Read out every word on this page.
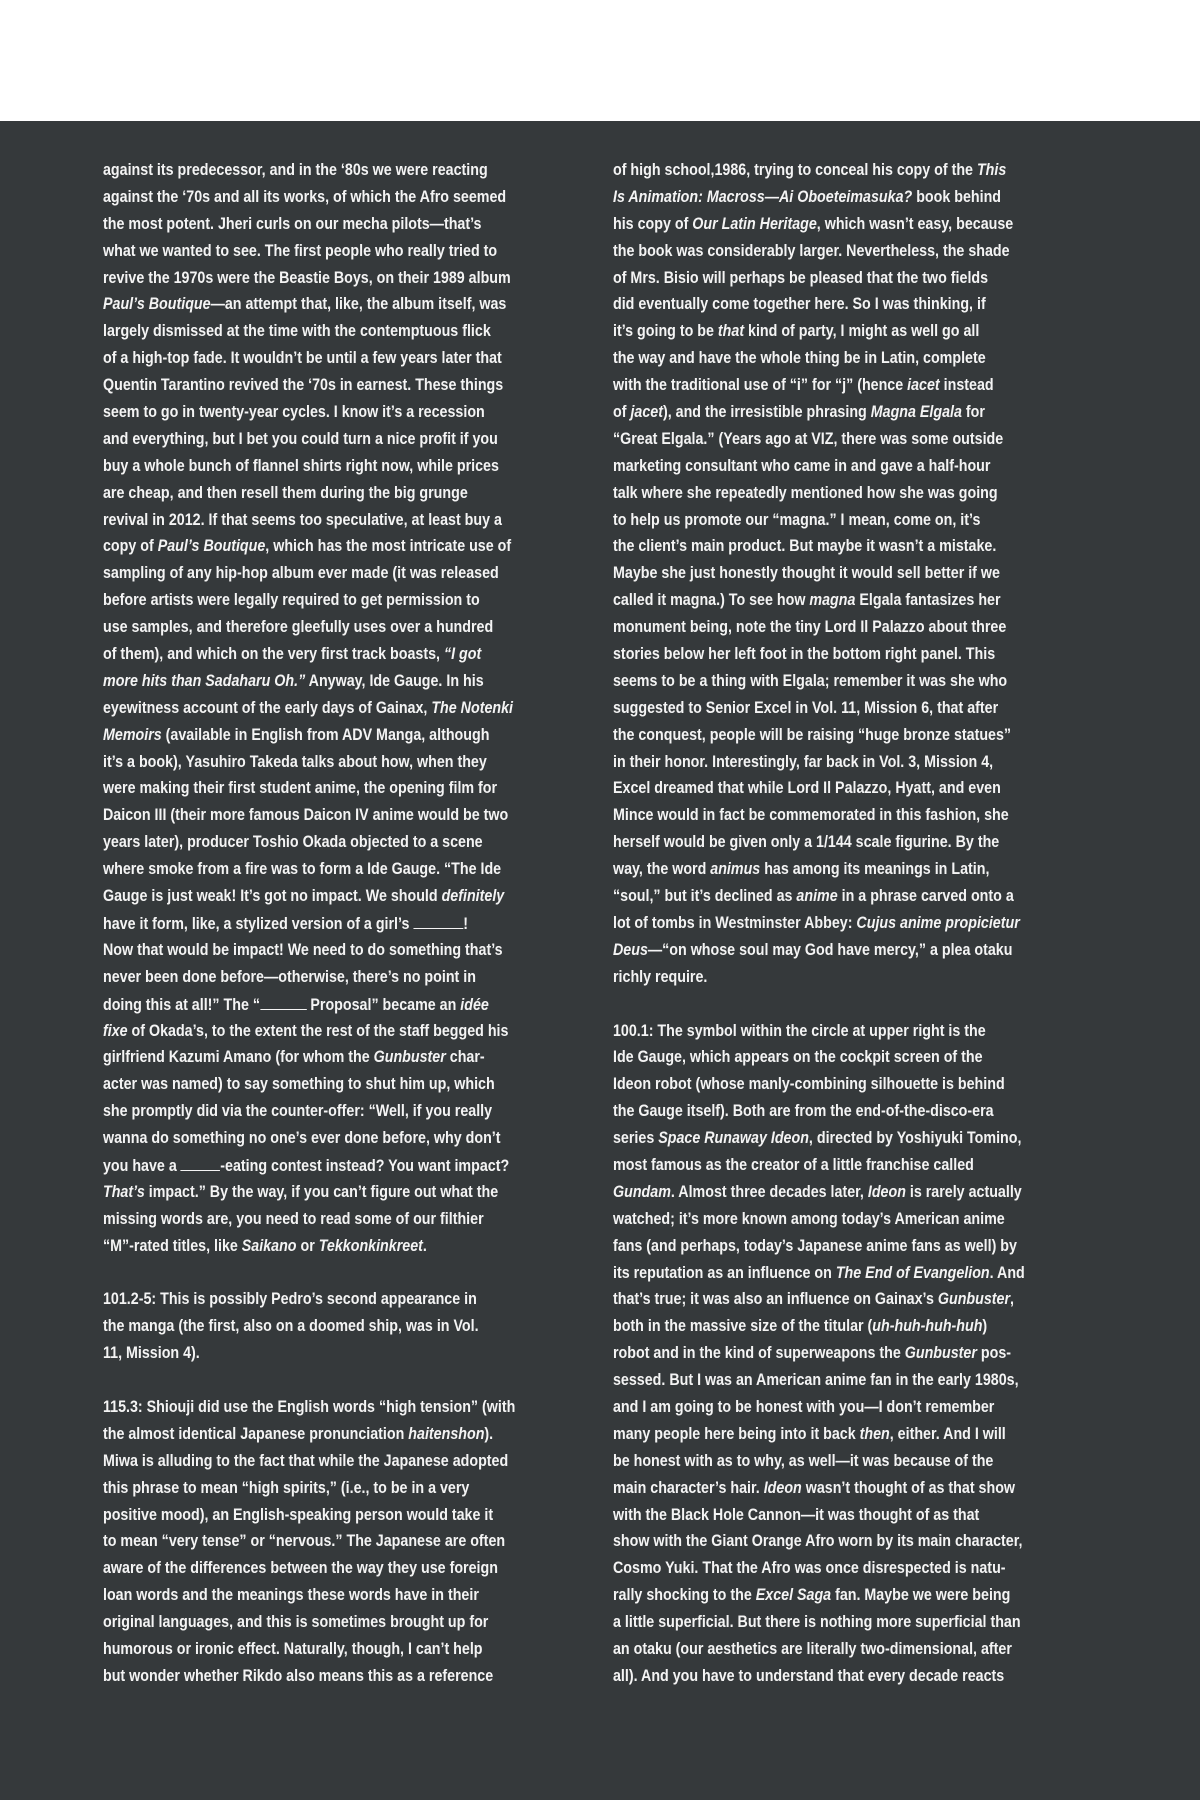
against its predecessor, and in the ‘80s we were reacting
against the ‘70s and all its works, of which the Afro seemed
the most potent. Jheri curls on our mecha pilots—that’s
what we wanted to see. The first people who really tried to
revive the 1970s were the Beastie Boys, on their 1989 album
Paul’s Boutique—an attempt that, like, the album itself, was
largely dismissed at the time with the contemptuous flick
of a high-top fade. It wouldn’t be until a few years later that
Quentin Tarantino revived the ‘70s in earnest. These things
seem to go in twenty-year cycles. I know it’s a recession
and everything, but I bet you could turn a nice profit if you
buy a whole bunch of flannel shirts right now, while prices
are cheap, and then resell them during the big grunge
revival in 2012. If that seems too speculative, at least buy a
copy of Paul’s Boutique, which has the most intricate use of
sampling of any hip-hop album ever made (it was released
before artists were legally required to get permission to
use samples, and therefore gleefully uses over a hundred
of them), and which on the very first track boasts, “I got
more hits than Sadaharu Oh.” Anyway, Ide Gauge. In his
eyewitness account of the early days of Gainax, The Notenki
Memoirs (available in English from ADV Manga, although
it’s a book), Yasuhiro Takeda talks about how, when they
were making their first student anime, the opening film for
Daicon III (their more famous Daicon IV anime would be two
years later), producer Toshio Okada objected to a scene
where smoke from a fire was to form a Ide Gauge. “The Ide
Gauge is just weak! It’s got no impact. We should definitely
have it form, like, a stylized version of a girl’s	!
Now that would be impact! We need to do something that’s
never been done before—otherwise, there’s no point in
doing this at all!” The “	Proposal” became an idée
fixe of Okada’s, to the extent the rest of the staff begged his
girlfriend Kazumi Amano (for whom the Gunbuster char-
acter was named) to say something to shut him up, which
she promptly did via the counter-offer: “Well, if you really
wanna do something no one’s ever done before, why don’t
you have a -eating contest instead? You want impact?
That’s impact.” By the way, if you can’t figure out what the
missing words are, you need to read some of our filthier
“M”-rated titles, like Saikano or Tekkonkinkreet.
101.2-5: This is possibly Pedro’s second appearance in
the manga (the first, also on a doomed ship, was in Vol.
11, Mission 4).
115.3: Shiouji did use the English words “high tension” (with
the almost identical Japanese pronunciation haitenshon).
Miwa is alluding to the fact that while the Japanese adopted
this phrase to mean “high spirits,” (i.e., to be in a very
positive mood), an English-speaking person would take it
to mean “very tense” or “nervous.” The Japanese are often
aware of the differences between the way they use foreign
loan words and the meanings these words have in their
original languages, and this is sometimes brought up for
humorous or ironic effect. Naturally, though, I can’t help
but wonder whether Rikdo also means this as a reference
of high school,1986, trying to conceal his copy of the This
Is Animation: Macross—Ai Oboeteimasuka? book behind
his copy of Our Latin Heritage, which wasn’t easy, because
the book was considerably larger. Nevertheless, the shade
of Mrs. Bisio will perhaps be pleased that the two fields
did eventually come together here. So I was thinking, if
it’s going to be that kind of party, I might as well go all
the way and have the whole thing be in Latin, complete
with the traditional use of “i” for “j” (hence iacet instead
of jacet), and the irresistible phrasing Magna Elgala for
“Great Elgala.” (Years ago at VIZ, there was some outside
marketing consultant who came in and gave a half-hour
talk where she repeatedly mentioned how she was going
to help us promote our “magna.” I mean, come on, it’s
the client’s main product. But maybe it wasn’t a mistake.
Maybe she just honestly thought it would sell better if we
called it magna.) To see how magna Elgala fantasizes her
monument being, note the tiny Lord Il Palazzo about three
stories below her left foot in the bottom right panel. This
seems to be a thing with Elgala; remember it was she who
suggested to Senior Excel in Vol. 11, Mission 6, that after
the conquest, people will be raising “huge bronze statues”
in their honor. Interestingly, far back in Vol. 3, Mission 4,
Excel dreamed that while Lord Il Palazzo, Hyatt, and even
Mince would in fact be commemorated in this fashion, she
herself would be given only a 1/144 scale figurine. By the
way, the word animus has among its meanings in Latin,
“soul,” but it’s declined as anime in a phrase carved onto a
lot of tombs in Westminster Abbey: Cujus anime propicietur
Deus—“on whose soul may God have mercy,” a plea otaku
richly require.
100.1: The symbol within the circle at upper right is the
Ide Gauge, which appears on the cockpit screen of the
Ideon robot (whose manly-combining silhouette is behind
the Gauge itself). Both are from the end-of-the-disco-era
series Space Runaway Ideon, directed by Yoshiyuki Tomino,
most famous as the creator of a little franchise called
Gundam. Almost three decades later, Ideon is rarely actually
watched; it’s more known among today’s American anime
fans (and perhaps, today’s Japanese anime fans as well) by
its reputation as an influence on The End of Evangelion. And
that’s true; it was also an influence on Gainax’s Gunbuster,
both in the massive size of the titular (uh-huh-huh-huh)
robot and in the kind of superweapons the Gunbuster pos-
sessed. But I was an American anime fan in the early 1980s,
and I am going to be honest with you—I don’t remember
many people here being into it back then, either. And I will
be honest with as to why, as well—it was because of the
main character’s hair. Ideon wasn’t thought of as that show
with the Black Hole Cannon—it was thought of as that
show with the Giant Orange Afro worn by its main character,
Cosmo Yuki. That the Afro was once disrespected is natu-
rally shocking to the Excel Saga fan. Maybe we were being
a little superficial. But there is nothing more superficial than
an otaku (our aesthetics are literally two-dimensional, after
all). And you have to understand that every decade reacts
